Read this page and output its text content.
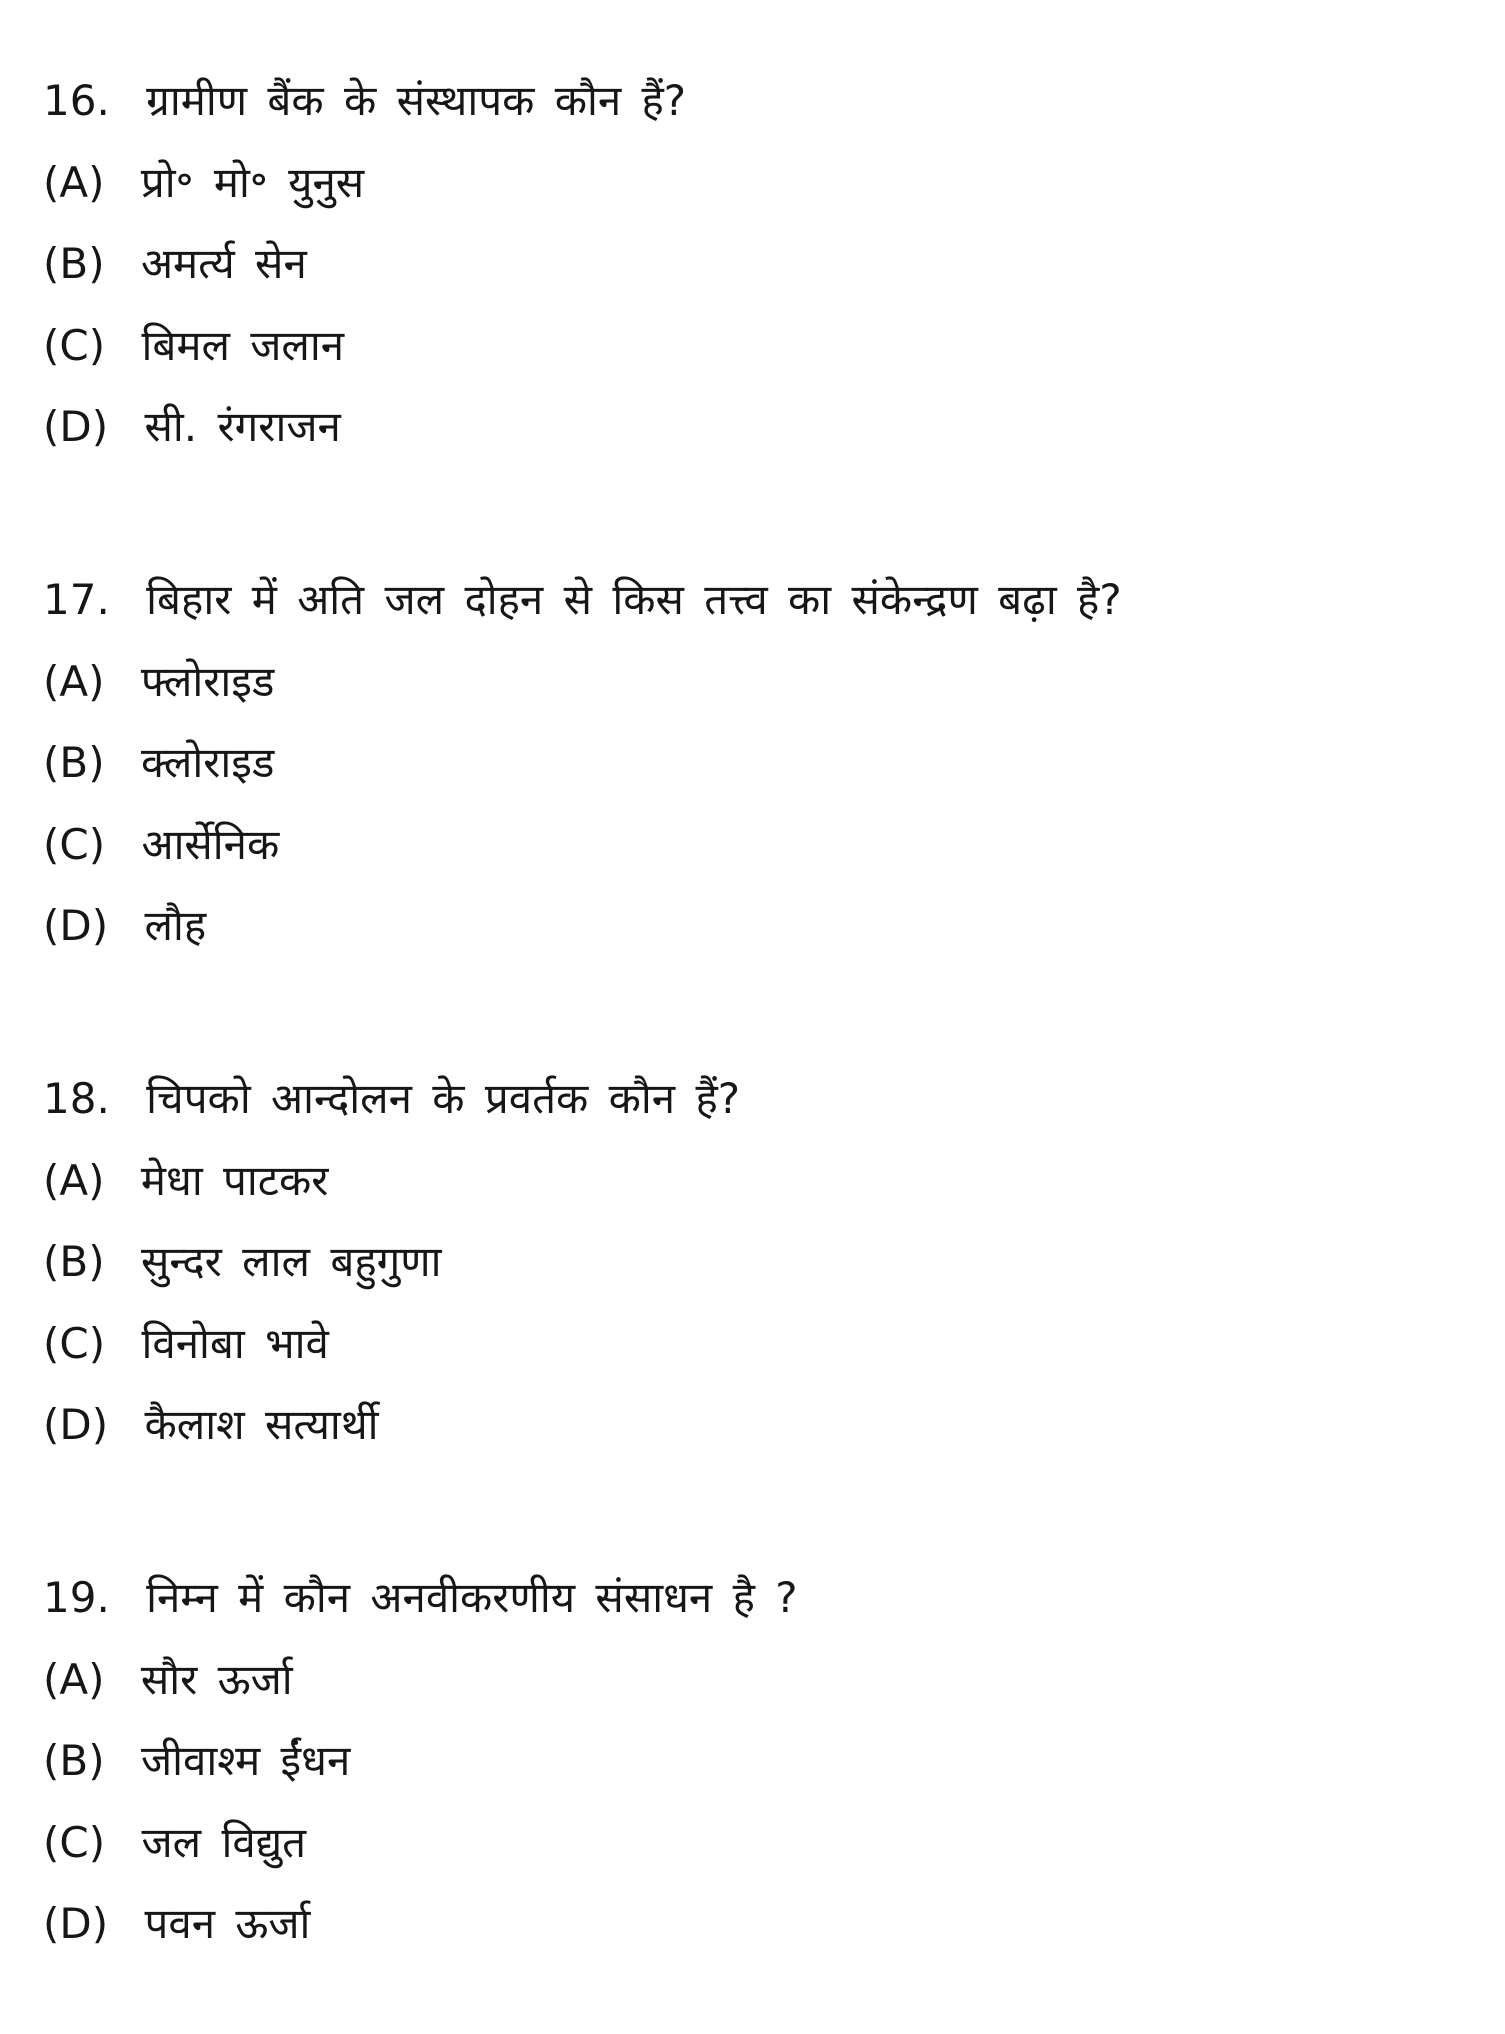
16. ग्रामीण बैंक के संस्थापक कौन हैं?

(A) प्रो॰ मो॰ युनुस

(B) अमर्त्य सेन

(C) बिमल जलान

(D) सी. रंगराजन

17. बिहार में अति जल दोहन से किस तत्त्व का संकेन्द्रण बढ़ा है?

(A) फ्लोराइड

(B) क्लोराइड

(C) आर्सेनिक

(D) लौह

18. चिपको आन्दोलन के प्रवर्तक कौन हैं?

(A) मेधा पाटकर

(B) सुन्दर लाल बहुगुणा

(C) विनोबा भावे

(D) कैलाश सत्यार्थी

19. निम्न में कौन अनवीकरणीय संसाधन है ?

(A) सौर ऊर्जा

(B) जीवाश्म ईंधन

(C) जल विद्युत

(D) पवन ऊर्जा
